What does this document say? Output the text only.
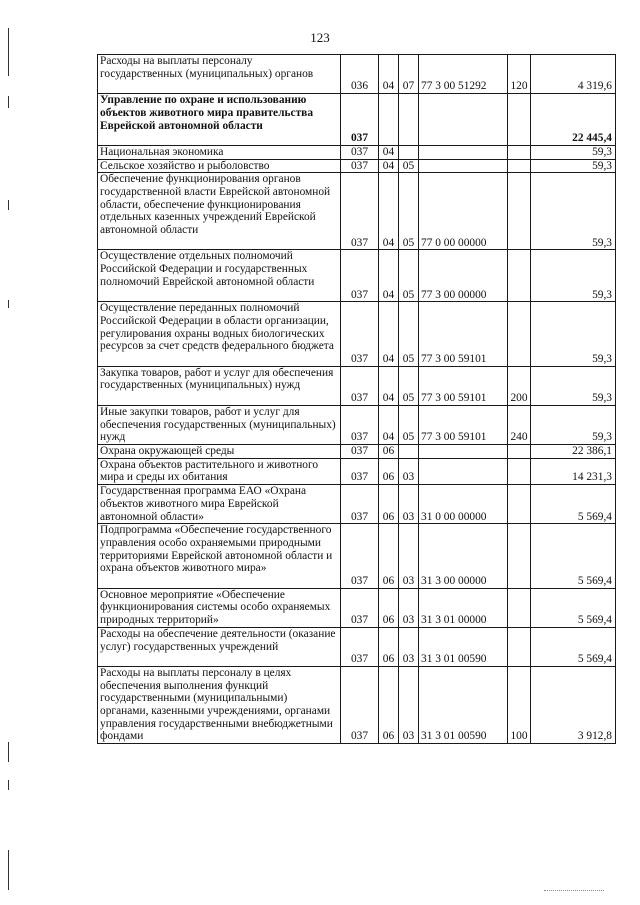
123
Расходы на выплаты персоналу государственных (муниципальных) органов	036	04	07	77 3 00 51292	120	4 319,6

Управление по охране и использованию объектов животного мира правительства Еврейской автономной области	037					22 445,4

Национальная экономика	037	04				59,3

Сельское хозяйство и рыболовство	037	04	05			59,3

Обеспечение функционирования органов государственной власти Еврейской автономной области, обеспечение функционирования отдельных казенных учреждений Еврейской автономной области	037	04	05	77 0 00 00000		59,3

Осуществление отдельных полномочий Российской Федерации и государственных полномочий Еврейской автономной области	037	04	05	77 3 00 00000		59,3

Осуществление переданных полномочий Российской Федерации в области организации, регулирования охраны водных биологических ресурсов за счет средств федерального бюджета	037	04	05	77 3 00 59101		59,3

Закупка товаров, работ и услуг для обеспечения государственных (муниципальных) нужд	037	04	05	77 3 00 59101	200	59,3

Иные закупки товаров, работ и услуг для обеспечения государственных (муниципальных) нужд	037	04	05	77 3 00 59101	240	59,3

Охрана окружающей среды	037	06				22 386,1

Охрана объектов растительного и животного мира и среды их обитания	037	06	03			14 231,3

Государственная программа ЕАО «Охрана объектов животного мира Еврейской автономной области»	037	06	03	31 0 00 00000		5 569,4

Подпрограмма «Обеспечение государственного управления особо охраняемыми природными территориями Еврейской автономной области и охрана объектов животного мира»	037	06	03	31 3 00 00000		5 569,4

Основное мероприятие «Обеспечение функционирования системы особо охраняемых природных территорий»	037	06	03	31 3 01 00000		5 569,4

Расходы на обеспечение деятельности (оказание услуг) государственных учреждений	037	06	03	31 3 01 00590		5 569,4

Расходы на выплаты персоналу в целях обеспечения выполнения функций государственными (муниципальными) органами, казенными учреждениями, органами управления государственными внебюджетными фондами	037	06	03	31 3 01 00590	100	3 912,8
